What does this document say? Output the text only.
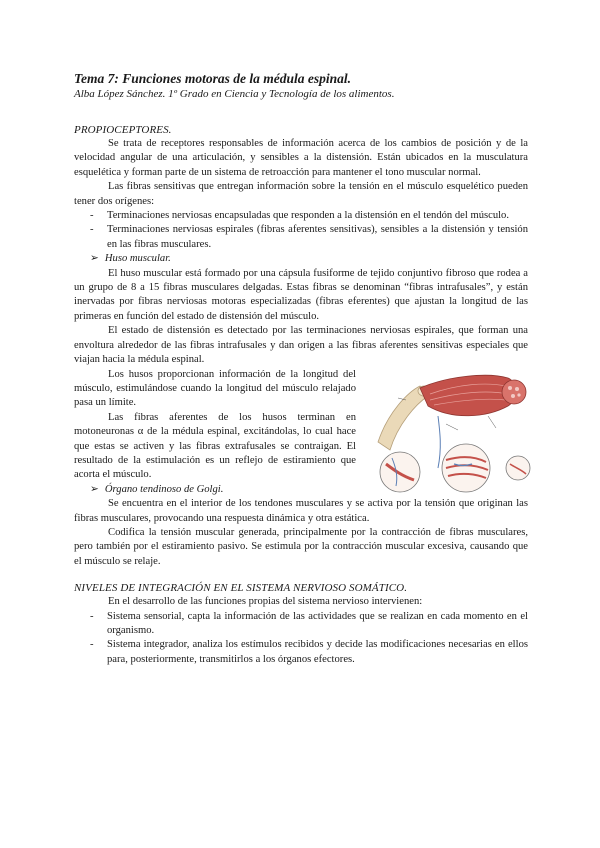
Tema 7: Funciones motoras de la médula espinal.
Alba López Sánchez. 1º Grado en Ciencia y Tecnología de los alimentos.
PROPIOCEPTORES.

Se trata de receptores responsables de información acerca de los cambios de posición y de la velocidad angular de una articulación, y sensibles a la distensión. Están ubicados en la musculatura esquelética y forman parte de un sistema de retroacción para mantener el tono muscular normal.

Las fibras sensitivas que entregan información sobre la tensión en el músculo esquelético pueden tener dos orígenes:

- Terminaciones nerviosas encapsuladas que responden a la distensión en el tendón del músculo.
- Terminaciones nerviosas espirales (fibras aferentes sensitivas), sensibles a la distensión y tensión en las fibras musculares.
➢ Huso muscular.

El huso muscular está formado por una cápsula fusiforme de tejido conjuntivo fibroso que rodea a un grupo de 8 a 15 fibras musculares delgadas. Estas fibras se denominan “fibras intrafusales”, y están inervadas por fibras nerviosas motoras especializadas (fibras eferentes) que ajustan la longitud de las primeras en función del estado de distensión del músculo.

El estado de distensión es detectado por las terminaciones nerviosas espirales, que forman una envoltura alrededor de las fibras intrafusales y dan origen a las fibras aferentes sensitivas especiales que viajan hacia la médula espinal.

Los husos proporcionan información de la longitud del músculo, estimulándose cuando la longitud del músculo relajado pasa un límite.

Las fibras aferentes de los husos terminan en motoneuronas α de la médula espinal, excitándolas, lo cual hace que estas se activen y las fibras extrafusales se contraigan. El resultado de la estimulación es un reflejo de estiramiento que acorta el músculo.

➢ Órgano tendinoso de Golgi.

Se encuentra en el interior de los tendones musculares y se activa por la tensión que originan las fibras musculares, provocando una respuesta dinámica y otra estática.

Codifica la tensión muscular generada, principalmente por la contracción de fibras musculares, pero también por el estiramiento pasivo. Se estimula por la contracción muscular excesiva, causando que el músculo se relaje.

NIVELES DE INTEGRACIÓN EN EL SISTEMA NERVIOSO SOMÁTICO.

En el desarrollo de las funciones propias del sistema nervioso intervienen:

- Sistema sensorial, capta la información de las actividades que se realizan en cada momento en el organismo.
- Sistema integrador, analiza los estímulos recibidos y decide las modificaciones necesarias en ellos para, posteriormente, transmitirlos a los órganos efectores.
